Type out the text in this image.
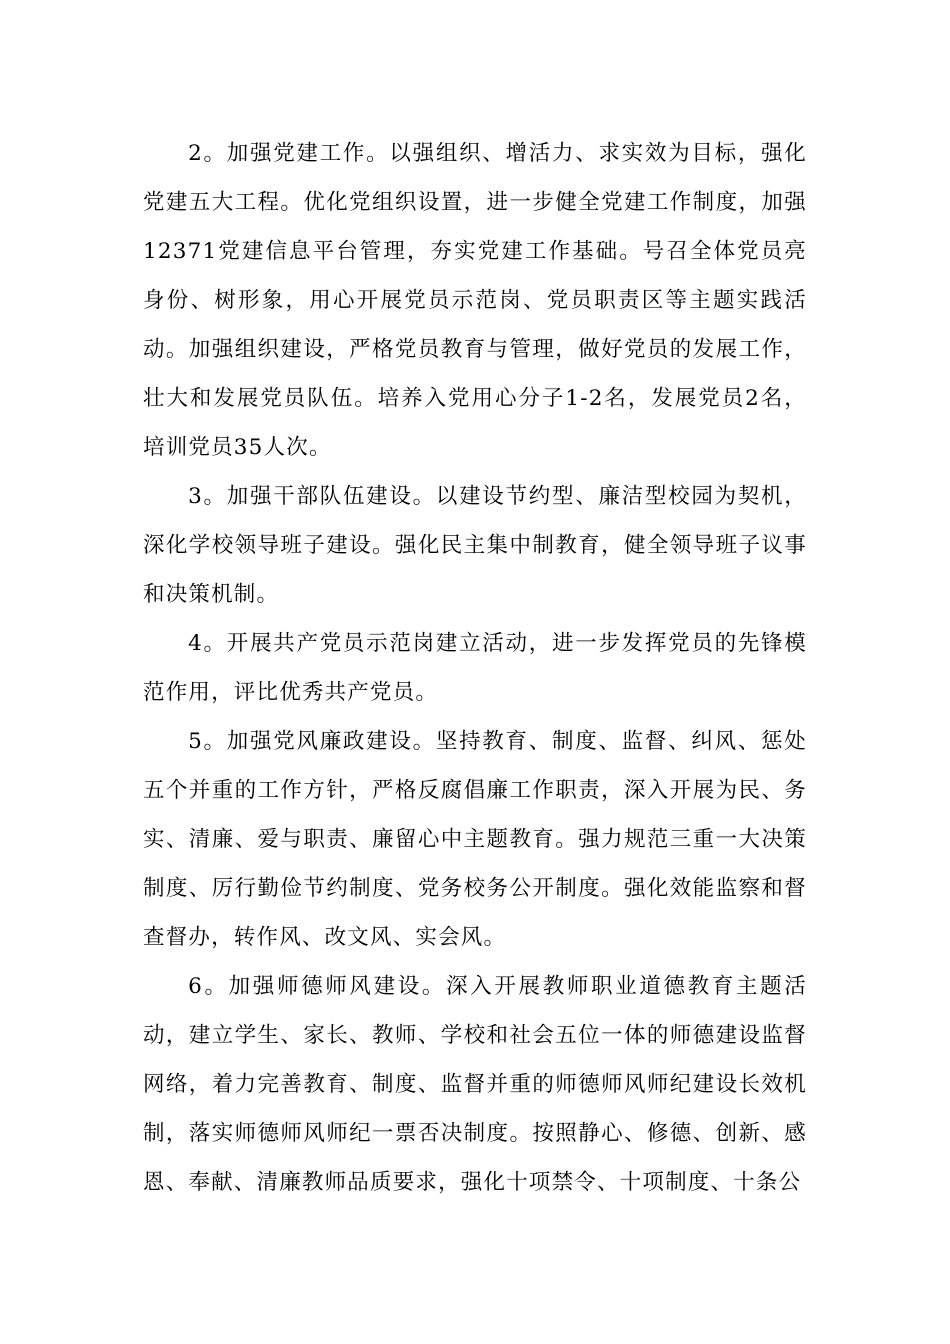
2。加强党建工作。以强组织、增活力、求实效为目标，强化党建五大工程。优化党组织设置，进一步健全党建工作制度，加强12371党建信息平台管理，夯实党建工作基础。号召全体党员亮身份、树形象，用心开展党员示范岗、党员职责区等主题实践活动。加强组织建设，严格党员教育与管理，做好党员的发展工作，壮大和发展党员队伍。培养入党用心分子1-2名，发展党员2名，培训党员35人次。

3。加强干部队伍建设。以建设节约型、廉洁型校园为契机，深化学校领导班子建设。强化民主集中制教育，健全领导班子议事和决策机制。

4。开展共产党员示范岗建立活动，进一步发挥党员的先锋模范作用，评比优秀共产党员。

5。加强党风廉政建设。坚持教育、制度、监督、纠风、惩处五个并重的工作方针，严格反腐倡廉工作职责，深入开展为民、务实、清廉、爱与职责、廉留心中主题教育。强力规范三重一大决策制度、厉行勤俭节约制度、党务校务公开制度。强化效能监察和督查督办，转作风、改文风、实会风。

6。加强师德师风建设。深入开展教师职业道德教育主题活动，建立学生、家长、教师、学校和社会五位一体的师德建设监督网络，着力完善教育、制度、监督并重的师德师风师纪建设长效机制，落实师德师风师纪一票否决制度。按照静心、修德、创新、感恩、奉献、清廉教师品质要求，强化十项禁令、十项制度、十条公
